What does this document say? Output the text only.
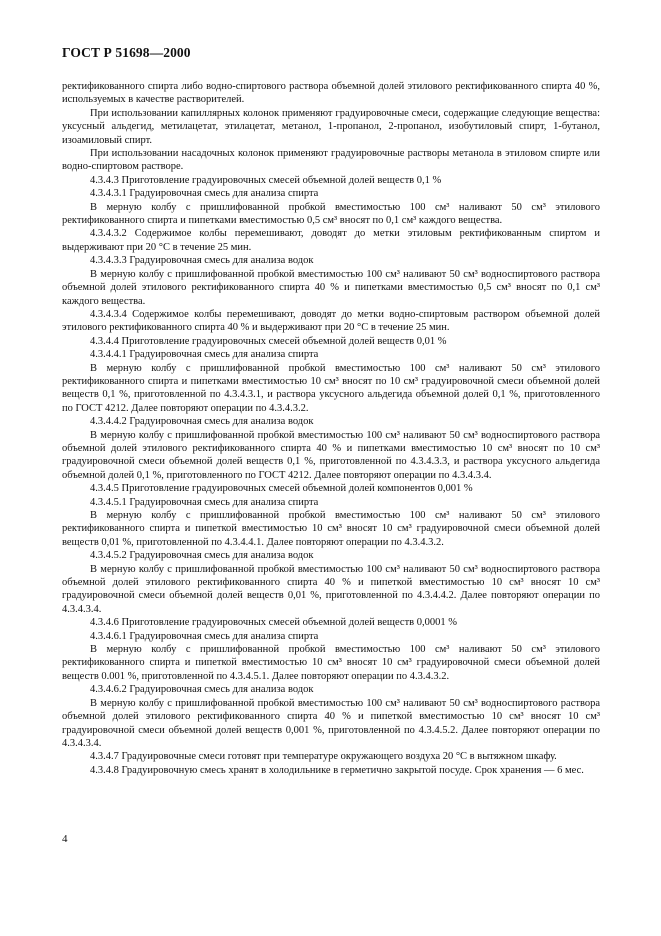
ГОСТ Р 51698—2000

ректификованного спирта либо водно-спиртового раствора объемной долей этилового ректификованного спирта 40 %, используемых в качестве растворителей.

При использовании капиллярных колонок применяют градуировочные смеси, содержащие следующие вещества: уксусный альдегид, метилацетат, этилацетат, метанол, 1-пропанол, 2-пропанол, изобутиловый спирт, 1-бутанол, изоамиловый спирт.

При использовании насадочных колонок применяют градуировочные растворы метанола в этиловом спирте или водно-спиртовом растворе.

4.3.4.3 Приготовление градуировочных смесей объемной долей веществ 0,1 %

4.3.4.3.1 Градуировочная смесь для анализа спирта

В мерную колбу с пришлифованной пробкой вместимостью 100 см³ наливают 50 см³ этилового ректификованного спирта и пипетками вместимостью 0,5 см³ вносят по 0,1 см³ каждого вещества.

4.3.4.3.2 Содержимое колбы перемешивают, доводят до метки этиловым ректификованным спиртом и выдерживают при 20 °С в течение 25 мин.

4.3.4.3.3 Градуировочная смесь для анализа водок

В мерную колбу с пришлифованной пробкой вместимостью 100 см³ наливают 50 см³ водноспиртового раствора объемной долей этилового ректификованного спирта 40 % и пипетками вместимостью 0,5 см³ вносят по 0,1 см³ каждого вещества.

4.3.4.3.4 Содержимое колбы перемешивают, доводят до метки водно-спиртовым раствором объемной долей этилового ректификованного спирта 40 % и выдерживают при 20 °С в течение 25 мин.

4.3.4.4 Приготовление градуировочных смесей объемной долей веществ 0,01 %

4.3.4.4.1 Градуировочная смесь для анализа спирта

В мерную колбу с пришлифованной пробкой вместимостью 100 см³ наливают 50 см³ этилового ректификованного спирта и пипетками вместимостью 10 см³ вносят по 10 см³ градуировочной смеси объемной долей веществ 0,1 %, приготовленной по 4.3.4.3.1, и раствора уксусного альдегида объемной долей 0,1 %, приготовленного по ГОСТ 4212. Далее повторяют операции по 4.3.4.3.2.

4.3.4.4.2 Градуировочная смесь для анализа водок

В мерную колбу с пришлифованной пробкой вместимостью 100 см³ наливают 50 см³ водноспиртового раствора объемной долей этилового ректификованного спирта 40 % и пипетками вместимостью 10 см³ вносят по 10 см³ градуировочной смеси объемной долей веществ 0,1 %, приготовленной по 4.3.4.3.3, и раствора уксусного альдегида объемной долей 0,1 %, приготовленного по ГОСТ 4212. Далее повторяют операции по 4.3.4.3.4.

4.3.4.5 Приготовление градуировочных смесей объемной долей компонентов 0,001 %

4.3.4.5.1 Градуировочная смесь для анализа спирта

В мерную колбу с пришлифованной пробкой вместимостью 100 см³ наливают 50 см³ этилового ректификованного спирта и пипеткой вместимостью 10 см³ вносят 10 см³ градуировочной смеси объемной долей веществ 0,01 %, приготовленной по 4.3.4.4.1. Далее повторяют операции по 4.3.4.3.2.

4.3.4.5.2 Градуировочная смесь для анализа водок

В мерную колбу с пришлифованной пробкой вместимостью 100 см³ наливают 50 см³ водноспиртового раствора объемной долей этилового ректификованного спирта 40 % и пипеткой вместимостью 10 см³ вносят 10 см³ градуировочной смеси объемной долей веществ 0,01 %, приготовленной по 4.3.4.4.2. Далее повторяют операции по 4.3.4.3.4.

4.3.4.6 Приготовление градуировочных смесей объемной долей веществ 0,0001 %

4.3.4.6.1 Градуировочная смесь для анализа спирта

В мерную колбу с пришлифованной пробкой вместимостью 100 см³ наливают 50 см³ этилового ректификованного спирта и пипеткой вместимостью 10 см³ вносят 10 см³ градуировочной смеси объемной долей веществ 0.001 %, приготовленной по 4.3.4.5.1. Далее повторяют операции по 4.3.4.3.2.

4.3.4.6.2 Градуировочная смесь для анализа водок

В мерную колбу с пришлифованной пробкой вместимостью 100 см³ наливают 50 см³ водноспиртового раствора объемной долей этилового ректификованного спирта 40 % и пипеткой вместимостью 10 см³ вносят 10 см³ градуировочной смеси объемной долей веществ 0,001 %, приготовленной по 4.3.4.5.2. Далее повторяют операции по 4.3.4.3.4.

4.3.4.7 Градуировочные смеси готовят при температуре окружающего воздуха 20 °С в вытяжном шкафу.

4.3.4.8 Градуировочную смесь хранят в холодильнике в герметично закрытой посуде. Срок хранения — 6 мес.

4
